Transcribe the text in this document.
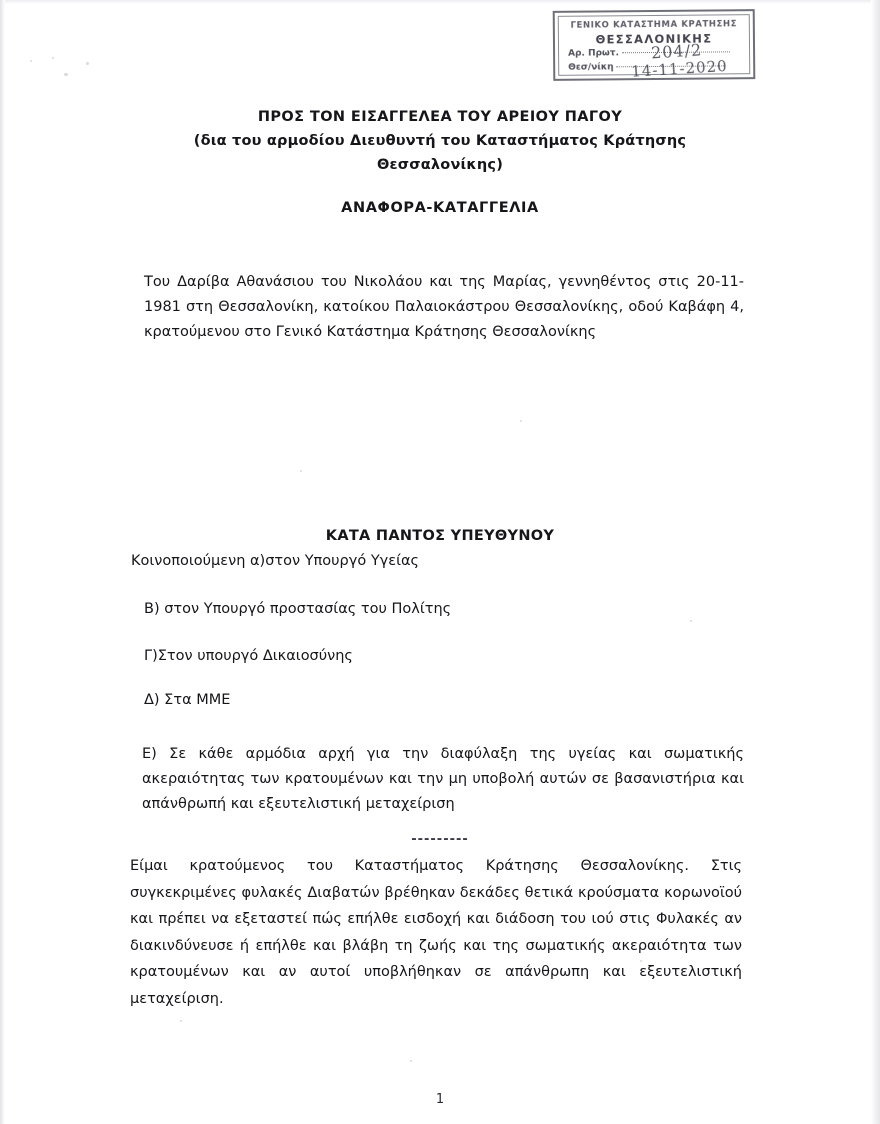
ΓΕΝΙΚΟ ΚΑΤΑΣΤΗΜΑ ΚΡΑΤΗΣΗΣ
ΘΕΣΣΑΛΟΝΙΚΗΣ
Αρ. Πρωτ.
Θεσ/νίκη
204/2
14-11-2020
ΠΡΟΣ ΤΟΝ ΕΙΣΑΓΓΕΛΕΑ ΤΟΥ ΑΡΕΙΟΥ ΠΑΓΟΥ
(δια του αρμοδίου Διευθυντή του Καταστήματος Κράτησης
Θεσσαλονίκης)
ΑΝΑΦΟΡΑ-ΚΑΤΑΓΓΕΛΙΑ
Του Δαρίβα Αθανάσιου του Νικολάου και της Μαρίας, γεννηθέντος στις 20-11-1981 στη Θεσσαλονίκη, κατοίκου Παλαιοκάστρου Θεσσαλονίκης, οδού Καβάφη 4, κρατούμενου στο Γενικό Κατάστημα Κράτησης Θεσσαλονίκης
ΚΑΤΑ ΠΑΝΤΟΣ ΥΠΕΥΘΥΝΟΥ
Κοινοποιούμενη α)στον Υπουργό Υγείας
Β) στον Υπουργό προστασίας του Πολίτης
Γ)Στον υπουργό Δικαιοσύνης
Δ) Στα ΜΜΕ
Ε) Σε κάθε αρμόδια αρχή για την διαφύλαξη της υγείας και σωματικής ακεραιότητας των κρατουμένων και την μη υποβολή αυτών σε βασανιστήρια και απάνθρωπή και εξευτελιστική μεταχείριση
---------
Είμαι κρατούμενος του Καταστήματος Κράτησης Θεσσαλονίκης. Στις συγκεκριμένες φυλακές Διαβατών βρέθηκαν δεκάδες θετικά κρούσματα κορωνοϊού και πρέπει να εξεταστεί πώς επήλθε εισδοχή και διάδοση του ιού στις Φυλακές αν διακινδύνευσε ή επήλθε και βλάβη τη ζωής και της σωματικής ακεραιότητα των κρατουμένων και αν αυτοί υποβλήθηκαν σε απάνθρωπη και εξευτελιστική μεταχείριση.
1
